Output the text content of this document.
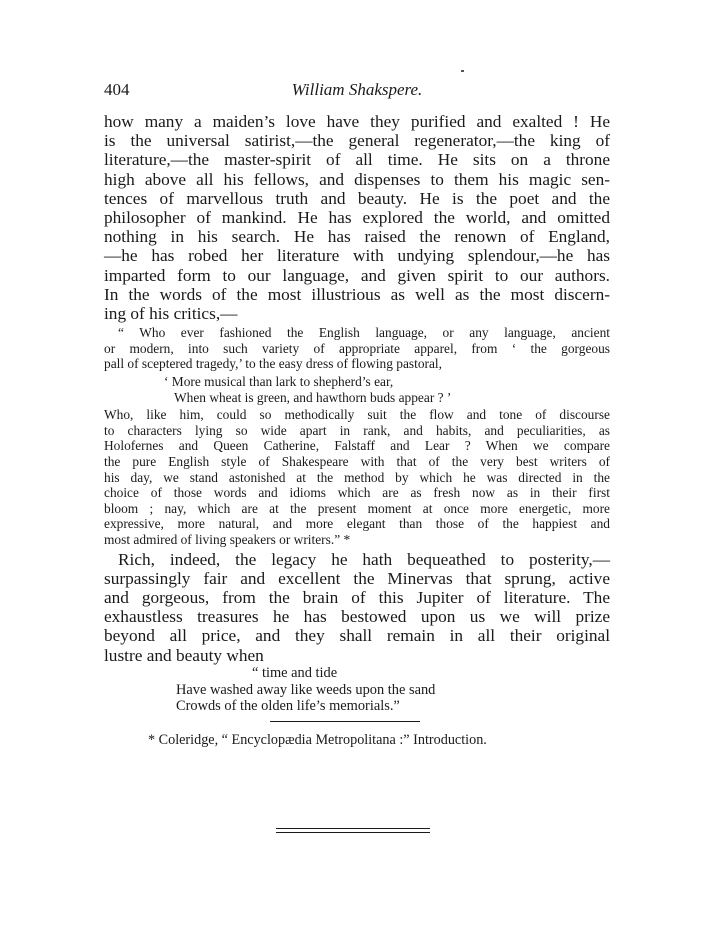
404	William Shakspere.

how many a maiden’s love have they purified and exalted ! He
is the universal satirist,—the general regenerator,—the king of
literature,—the master-spirit of all time. He sits on a throne
high above all his fellows, and dispenses to them his magic sen-
tences of marvellous truth and beauty. He is the poet and the
philosopher of mankind. He has explored the world, and omitted
nothing in his search. He has raised the renown of England,
—he has robed her literature with undying splendour,—he has
imparted form to our language, and given spirit to our authors.
In the words of the most illustrious as well as the most discern-
ing of his critics,—

“ Who ever fashioned the English language, or any language, ancient
or modern, into such variety of appropriate apparel, from ‘ the gorgeous
pall of sceptered tragedy,’ to the easy dress of flowing pastoral,
‘ More musical than lark to shepherd’s ear,
When wheat is green, and hawthorn buds appear ? ’
Who, like him, could so methodically suit the flow and tone of discourse
to characters lying so wide apart in rank, and habits, and peculiarities, as
Holofernes and Queen Catherine, Falstaff and Lear ? When we compare
the pure English style of Shakespeare with that of the very best writers of
his day, we stand astonished at the method by which he was directed in the
choice of those words and idioms which are as fresh now as in their first
bloom ; nay, which are at the present moment at once more energetic, more
expressive, more natural, and more elegant than those of the happiest and
most admired of living speakers or writers.” *

Rich, indeed, the legacy he hath bequeathed to posterity,—
surpassingly fair and excellent the Minervas that sprung, active
and gorgeous, from the brain of this Jupiter of literature. The
exhaustless treasures he has bestowed upon us we will prize
beyond all price, and they shall remain in all their original
lustre and beauty when

“ time and tide
Have washed away like weeds upon the sand
Crowds of the olden life’s memorials.”
* Coleridge, “ Encyclopædia Metropolitana :” Introduction.
